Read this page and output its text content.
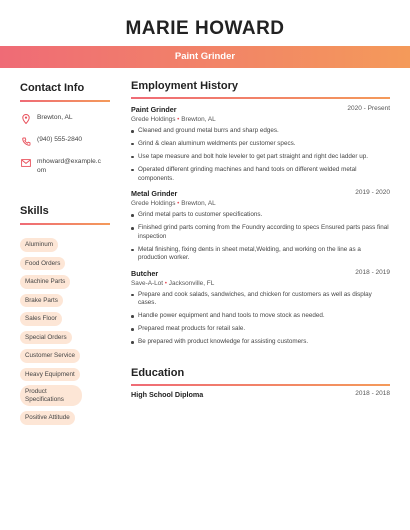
MARIE HOWARD
Paint Grinder
Contact Info
Brewton, AL
(940) 555-2840
mhoward@example.com
Skills
Aluminum
Food Orders
Machine Parts
Brake Parts
Sales Floor
Special Orders
Customer Service
Heavy Equipment
Product Specifications
Positive Attitude
Employment History
Paint Grinder	2020 - Present
Grede Holdings • Brewton, AL
Cleaned and ground metal burrs and sharp edges.
Grind & clean aluminum weldments per customer specs.
Use tape measure and bolt hole leveler to get part straight and right dec ladder up.
Operated different grinding machines and hand tools on different welded metal components.
Metal Grinder	2019 - 2020
Grede Holdings • Brewton, AL
Grind metal parts to customer specifications.
Finished grind parts coming from the Foundry according to specs Ensured parts pass final inspection
Metal finishing, fixing dents in sheet metal,Welding, and working on the line as a production worker.
Butcher	2018 - 2019
Save-A-Lot • Jacksonville, FL
Prepare and cook salads, sandwiches, and chicken for customers as well as display cases.
Handle power equipment and hand tools to move stock as needed.
Prepared meat products for retail sale.
Be prepared with product knowledge for assisting customers.
Education
High School Diploma	2018 - 2018
